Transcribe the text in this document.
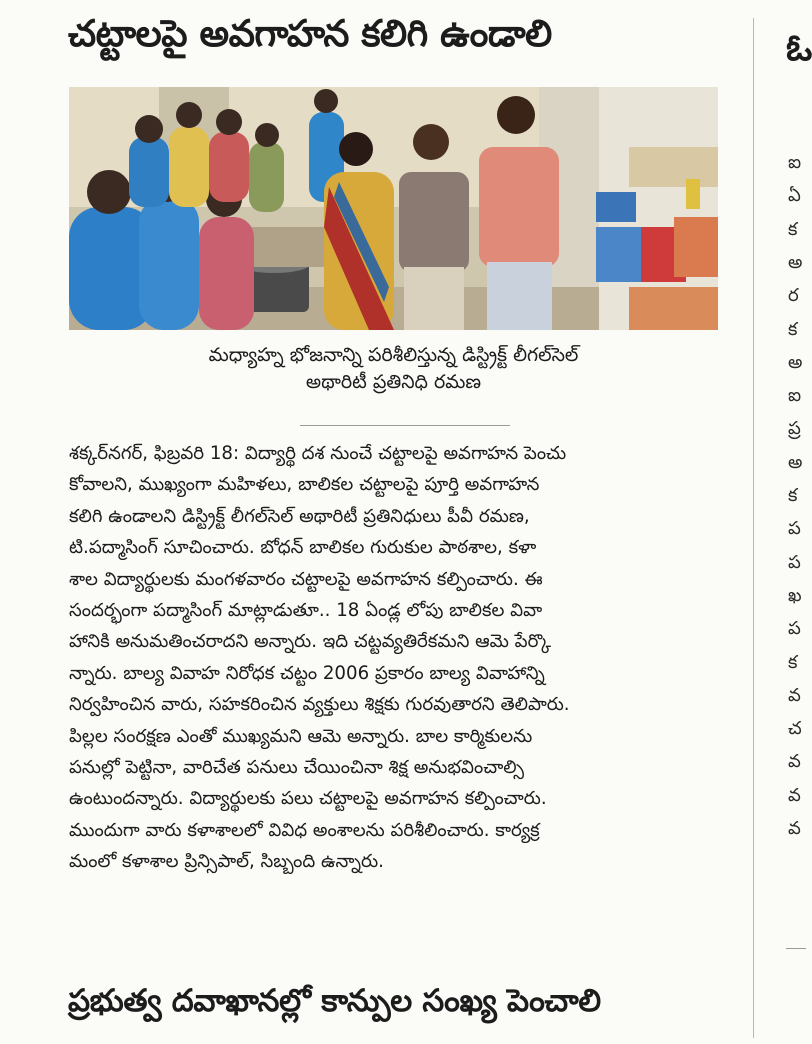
చట్టాలపై అవగాహన కలిగి ఉండాలి
మధ్యాహ్న భోజనాన్ని పరిశీలిస్తున్న డిస్ట్రిక్ట్ లీగల్‌సెల్
అథారిటీ ప్రతినిధి రమణ
శక్కర్‌నగర్, ఫిబ్రవరి 18: విద్యార్థి దశ నుంచే చట్టాలపై అవగాహన పెంచు
కోవాలని, ముఖ్యంగా మహిళలు, బాలికల చట్టాలపై పూర్తి అవగాహన
కలిగి ఉండాలని డిస్ట్రిక్ట్ లీగల్‌సెల్ అథారిటీ ప్రతినిధులు పీవీ రమణ,
టి.పద్మాసింగ్ సూచించారు. బోధన్ బాలికల గురుకుల పాఠశాల, కళా
శాల విద్యార్థులకు మంగళవారం చట్టాలపై అవగాహన కల్పించారు. ఈ
సందర్భంగా పద్మాసింగ్ మాట్లాడుతూ.. 18 ఏండ్ల లోపు బాలికల వివా
హానికి అనుమతించరాదని అన్నారు. ఇది చట్టవ్యతిరేకమని ఆమె పేర్కొ
న్నారు. బాల్య వివాహ నిరోధక చట్టం 2006 ప్రకారం బాల్య వివాహాన్ని
నిర్వహించిన వారు, సహకరించిన వ్యక్తులు శిక్షకు గురవుతారని తెలిపారు.
పిల్లల సంరక్షణ ఎంతో ముఖ్యమని ఆమె అన్నారు. బాల కార్మికులను
పనుల్లో పెట్టినా, వారిచేత పనులు చేయించినా శిక్ష అనుభవించాల్సి
ఉంటుందన్నారు. విద్యార్థులకు పలు చట్టాలపై అవగాహన కల్పించారు.
ముందుగా వారు కళాశాలలో వివిధ అంశాలను పరిశీలించారు. కార్యక్ర
మంలో కళాశాల ప్రిన్సిపాల్, సిబ్బంది ఉన్నారు.
ప్రభుత్వ దవాఖానల్లో కాన్పుల సంఖ్య పెంచాలి
ఓ
ఐ
ఏ
క
అ
ర
క
అ
ఐ
ప్ర
అ
క
ప
ప
ఖ
ప
క
వ
చ
వ
వ
వ
